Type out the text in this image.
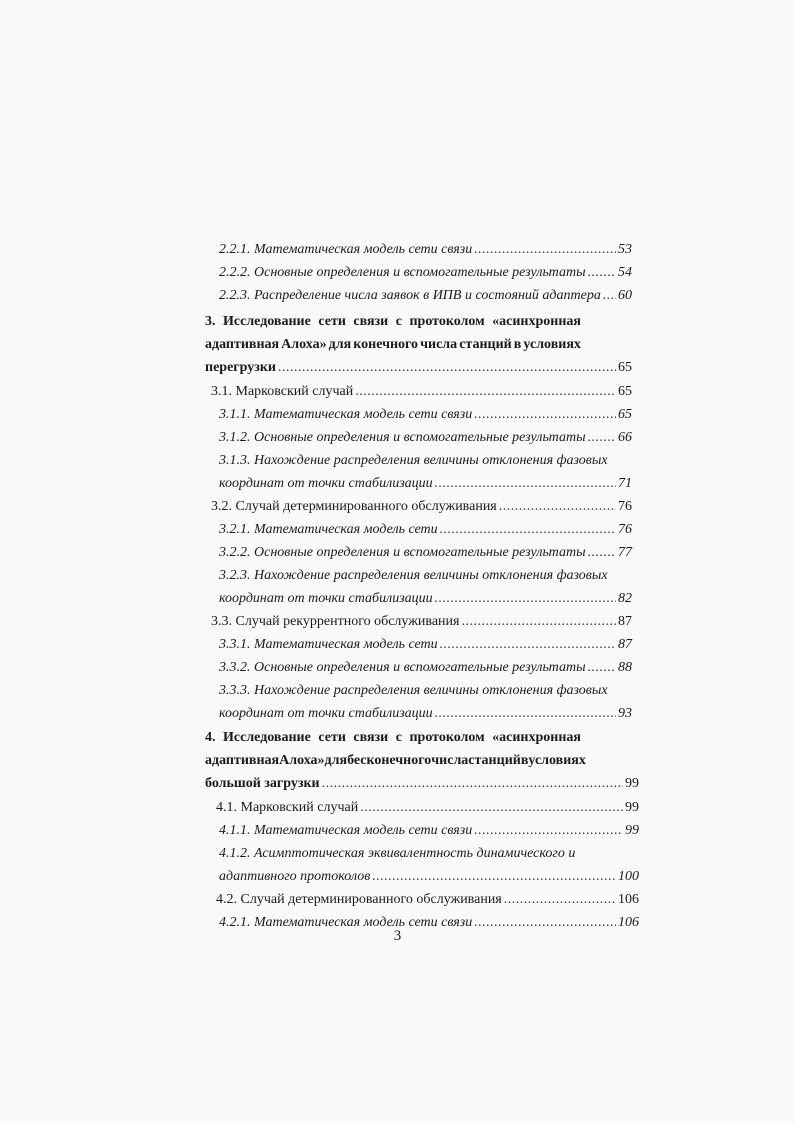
2.2.1. Математическая модель сети связи .....	53
2.2.2. Основные определения и вспомогательные результаты ..... 54
2.2.3. Распределение числа заявок в ИПВ и состояний адаптера ..... 60
3. Исследование сети связи с протоколом «асинхронная
адаптивная Алоха» для конечного числа станций в условиях
перегрузки .....	65
3.1. Марковский случай .....	65
3.1.1. Математическая модель сети связи .....	65
3.1.2. Основные определения и вспомогательные результаты ..... 66
3.1.3. Нахождение распределения величины отклонения фазовых
координат от точки стабилизации .....	71
3.2. Случай детерминированного обслуживания .....	76
3.2.1. Математическая модель сети .....	76
3.2.2. Основные определения и вспомогательные результаты ..... 77
3.2.3. Нахождение распределения величины отклонения фазовых
координат от точки стабилизации .....	82
3.3. Случай рекуррентного обслуживания .....	87
3.3.1. Математическая модель сети .....	87
3.3.2. Основные определения и вспомогательные результаты ..... 88
3.3.3. Нахождение распределения величины отклонения фазовых
координат от точки стабилизации .....	93
4. Исследование сети связи с протоколом «асинхронная
адаптивная Алоха» для бесконечного числа станций в условиях
большой загрузки .....	99
4.1. Марковский случай .....	99
4.1.1. Математическая модель сети связи .....	99
4.1.2. Асимптотическая эквивалентность динамического и
адаптивного протоколов .....	100
4.2. Случай детерминированного обслуживания .....	106
4.2.1. Математическая модель сети связи .....	106
3
